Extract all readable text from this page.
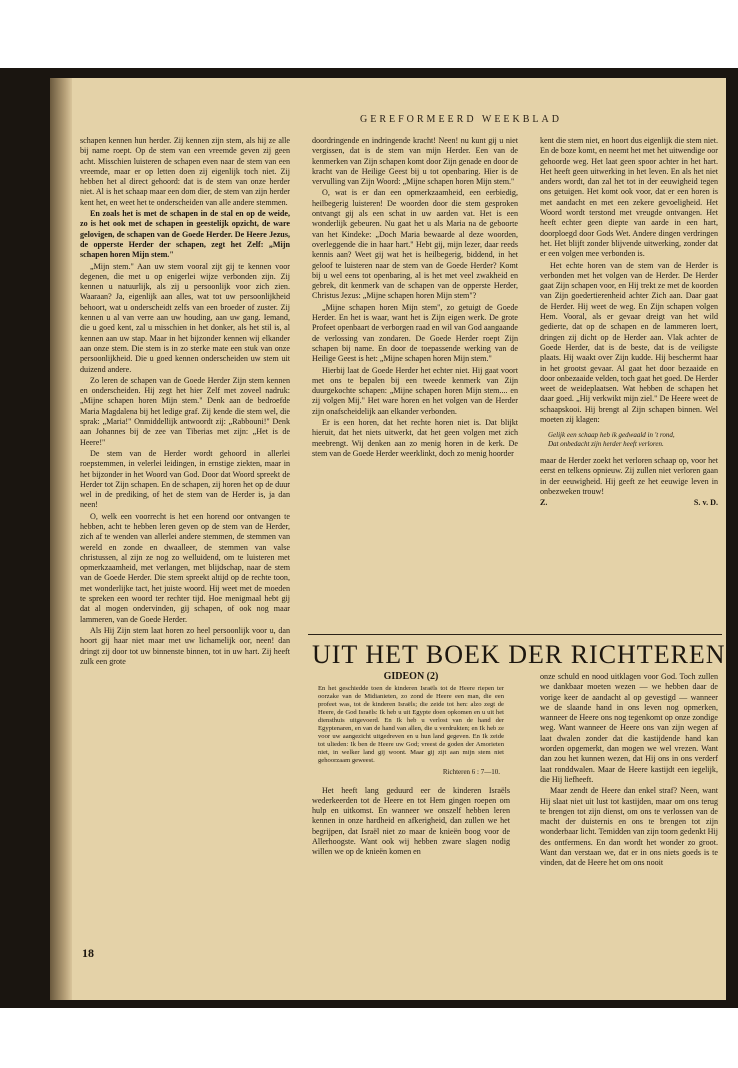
GEREFORMEERD WEEKBLAD

schapen kennen hun herder. Zij kennen zijn stem, als hij ze alle bij name roept. Op de stem van een vreemde geven zij geen acht. Misschien luisteren de schapen even naar de stem van een vreemde, maar er op letten doen zij eigenlijk toch niet. Zij hebben het al direct gehoord: dat is de stem van onze herder niet. Al is het schaap maar een dom dier, de stem van zijn herder kent het, en weet het te onderscheiden van alle andere stemmen.

En zoals het is met de schapen in de stal en op de weide, zo is het ook met de schapen in geestelijk opzicht, de ware gelovigen, de schapen van de Goede Herder. De Heere Jezus, de opperste Herder der schapen, zegt het Zelf: „Mijn schapen horen Mijn stem."

„Mijn stem." Aan uw stem vooral zijt gij te kennen voor degenen, die met u op enigerlei wijze verbonden zijn. Zij kennen u natuurlijk, als zij u persoonlijk voor zich zien. Waaraan? Ja, eigenlijk aan alles, wat tot uw persoonlijkheid behoort, wat u onderscheidt zelfs van een broeder of zuster. Zij kennen u al van verre aan uw houding, aan uw gang. Iemand, die u goed kent, zal u misschien in het donker, als het stil is, al kennen aan uw stap. Maar in het bijzonder kennen wij elkander aan onze stem. Die stem is in zo sterke mate een stuk van onze persoonlijkheid. Die u goed kennen onderscheiden uw stem uit duizend andere.

Zo leren de schapen van de Goede Herder Zijn stem kennen en onderscheiden. Hij zegt het hier Zelf met zoveel nadruk: „Mijne schapen horen Mijn stem." Denk aan de bedroefde Maria Magdalena bij het ledige graf. Zij kende die stem wel, die sprak: „Maria!" Onmiddellijk antwoordt zij: „Rabbouni!" Denk aan Johannes bij de zee van Tiberias met zijn: „Het is de Heere!"

De stem van de Herder wordt gehoord in allerlei roepstemmen, in velerlei leidingen, in ernstige ziekten, maar in het bijzonder in het Woord van God. Door dat Woord spreekt de Herder tot Zijn schapen. En de schapen, zij horen het op de duur wel in de prediking, of het de stem van de Herder is, ja dan neen!

O, welk een voorrecht is het een horend oor ontvangen te hebben, acht te hebben leren geven op de stem van de Herder, zich af te wenden van allerlei andere stemmen, de stemmen van wereld en zonde en dwaalleer, de stemmen van valse christussen, al zijn ze nog zo welluidend, om te luisteren met opmerkzaamheid, met verlangen, met blijdschap, naar de stem van de Goede Herder. Die stem spreekt altijd op de rechte toon, met wonderlijke tact, het juiste woord. Hij weet met de moeden te spreken een woord ter rechter tijd. Hoe menigmaal hebt gij dat al mogen ondervinden, gij schapen, of ook nog maar lammeren, van de Goede Herder.

Als Hij Zijn stem laat horen zo heel persoonlijk voor u, dan hoort gij haar niet maar met uw lichamelijk oor, neen! dan dringt zij door tot uw binnenste binnen, tot in uw hart. Zij heeft zulk een grote

doordringende en indringende kracht! Neen! nu kunt gij u niet vergissen, dat is de stem van mijn Herder. Een van de kenmerken van Zijn schapen komt door Zijn genade en door de kracht van de Heilige Geest bij u tot openbaring. Hier is de vervulling van Zijn Woord: „Mijne schapen horen Mijn stem."

O, wat is er dan een opmerkzaamheid, een eerbiedig, heilbegerig luisteren! De woorden door die stem gesproken ontvangt gij als een schat in uw aarden vat. Het is een wonderlijk gebeuren. Nu gaat het u als Maria na de geboorte van het Kindeke: „Doch Maria bewaarde al deze woorden, overleggende die in haar hart." Hebt gij, mijn lezer, daar reeds kennis aan? Weet gij wat het is heilbegerig, biddend, in het geloof te luisteren naar de stem van de Goede Herder? Komt bij u wel eens tot openbaring, al is het met veel zwakheid en gebrek, dit kenmerk van de schapen van de opperste Herder, Christus Jezus: „Mijne schapen horen Mijn stem"?

„Mijne schapen horen Mijn stem", zo getuigt de Goede Herder. En het is waar, want het is Zijn eigen werk. De grote Profeet openbaart de verborgen raad en wil van God aangaande de verlossing van zondaren. De Goede Herder roept Zijn schapen bij name. En door de toepassende werking van de Heilige Geest is het: „Mijne schapen horen Mijn stem."

Hierbij laat de Goede Herder het echter niet. Hij gaat voort met ons te bepalen bij een tweede kenmerk van Zijn duurgekochte schapen: „Mijne schapen horen Mijn stem.... en zij volgen Mij." Het ware horen en het volgen van de Herder zijn onafscheidelijk aan elkander verbonden.

Er is een horen, dat het rechte horen niet is. Dat blijkt hieruit, dat het niets uitwerkt, dat het geen volgen met zich meebrengt. Wij denken aan zo menig horen in de kerk. De stem van de Goede Herder weerklinkt, doch zo menig hoorder

kent die stem niet, en hoort dus eigenlijk die stem niet. En de boze komt, en neemt het met het uitwendige oor gehoorde weg. Het laat geen spoor achter in het hart. Het heeft geen uitwerking in het leven. En als het niet anders wordt, dan zal het tot in der eeuwigheid tegen ons getuigen. Het komt ook voor, dat er een horen is met aandacht en met een zekere gevoeligheid. Het Woord wordt terstond met vreugde ontvangen. Het heeft echter geen diepte van aarde in een hart, doorploegd door Gods Wet. Andere dingen verdringen het. Het blijft zonder blijvende uitwerking, zonder dat er een volgen mee verbonden is.

Het echte horen van de stem van de Herder is verbonden met het volgen van de Herder. De Herder gaat Zijn schapen voor, en Hij trekt ze met de koorden van Zijn goedertierenheid achter Zich aan. Daar gaat de Herder. Hij weet de weg. En Zijn schapen volgen Hem. Vooral, als er gevaar dreigt van het wild gedierte, dat op de schapen en de lammeren loert, dringen zij dicht op de Herder aan. Vlak achter de Goede Herder, dat is de beste, dat is de veiligste plaats. Hij waakt over Zijn kudde. Hij beschermt haar in het grootst gevaar. Al gaat het door bezaaide en door onbezaaide velden, toch gaat het goed. De Herder weet de weideplaatsen. Wat hebben de schapen het daar goed. „Hij verkwikt mijn ziel." De Heere weet de schaapskooi. Hij brengt al Zijn schapen binnen. Wel moeten zij klagen:

Gelijk een schaap heb ik gedwaald in 't rond,
Dat onbedacht zijn herder heeft verloren.

maar de Herder zoekt het verloren schaap op, voor het eerst en telkens opnieuw. Zij zullen niet verloren gaan in der eeuwigheid. Hij geeft ze het eeuwige leven in onbezweken trouw!

Z.	S. v. D.
UIT HET BOEK DER RICHTEREN
GIDEON (2)
En het geschiedde toen de kinderen Israëls tot de Heere riepen ter oorzake van de Midianieten, zo zond de Heere een man, die een profeet was, tot de kinderen Israëls; die zeide tot hen: alzo zegt de Heere, de God Israëls: Ik heb u uit Egypte doen opkomen en u uit het diensthuis uitgevoerd. En Ik heb u verlost van de hand der Egyptenaren, en van de hand van allen, die u verdrukten; en Ik heb ze voor uw aangezicht uitgedreven en u hun land gegeven. En Ik zeide tot ulieden: Ik ben de Heere uw God; vreest de goden der Amorieten niet, in welker land gij woont. Maar gij zijt aan mijn stem niet gehoorzaam geweest.
Richteren 6 : 7—10.

Het heeft lang geduurd eer de kinderen Israëls wederkeerden tot de Heere en tot Hem gingen roepen om hulp en uitkomst. En wanneer we onszelf hebben leren kennen in onze hardheid en afkerigheid, dan zullen we het begrijpen, dat Israël niet zo maar de knieën boog voor de Allerhoogste. Want ook wij hebben zware slagen nodig willen we op de knieën komen en

onze schuld en nood uitklagen voor God. Toch zullen we dankbaar moeten wezen — we hebben daar de vorige keer de aandacht al op gevestigd — wanneer we de slaande hand in ons leven nog opmerken, wanneer de Heere ons nog tegenkomt op onze zondige weg. Want wanneer de Heere ons van zijn wegen af laat dwalen zonder dat die kastijdende hand kan worden opgemerkt, dan mogen we wel vrezen. Want dan zou het kunnen wezen, dat Hij ons in ons verderf laat ronddwalen. Maar de Heere kastijdt een iegelijk, die Hij liefheeft.

Maar zendt de Heere dan enkel straf? Neen, want Hij slaat niet uit lust tot kastijden, maar om ons terug te brengen tot zijn dienst, om ons te verlossen van de macht der duisternis en ons te brengen tot zijn wonderbaar licht. Temidden van zijn toorn gedenkt Hij des ontfermens. En dan wordt het wonder zo groot. Want dan verstaan we, dat er in ons niets goeds is te vinden, dat de Heere het om ons nooit

18
